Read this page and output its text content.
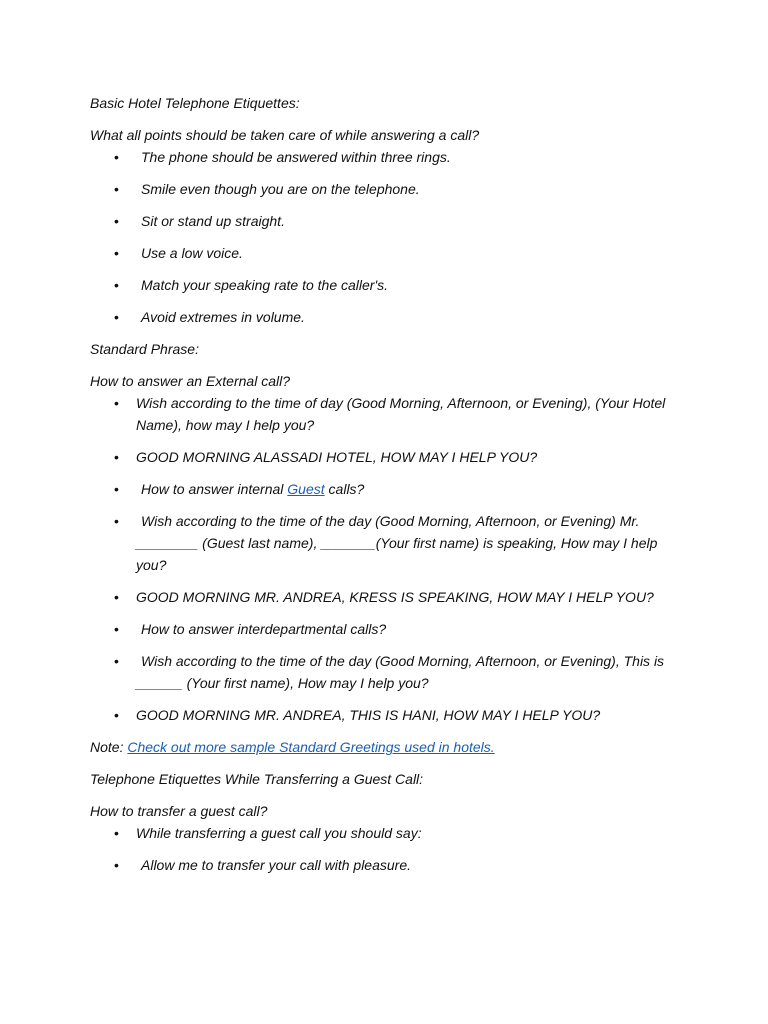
Basic Hotel Telephone Etiquettes:

What all points should be taken care of while answering a call?

• The phone should be answered within three rings.
• Smile even though you are on the telephone.
• Sit or stand up straight.
• Use a low voice.
• Match your speaking rate to the caller's.
• Avoid extremes in volume.

Standard Phrase:

How to answer an External call?

• Wish according to the time of day (Good Morning, Afternoon, or Evening), (Your Hotel Name), how may I help you?
• GOOD MORNING ALASSADI HOTEL, HOW MAY I HELP YOU?
• How to answer internal Guest calls?
• Wish according to the time of the day (Good Morning, Afternoon, or Evening) Mr. ________ (Guest last name), _______(Your first name) is speaking, How may I help you?
• GOOD MORNING MR. ANDREA, KRESS IS SPEAKING, HOW MAY I HELP YOU?
• How to answer interdepartmental calls?
• Wish according to the time of the day (Good Morning, Afternoon, or Evening), This is ______ (Your first name), How may I help you?
• GOOD MORNING MR. ANDREA, THIS IS HANI, HOW MAY I HELP YOU?

Note: Check out more sample Standard Greetings used in hotels.

Telephone Etiquettes While Transferring a Guest Call:

How to transfer a guest call?

• While transferring a guest call you should say:
• Allow me to transfer your call with pleasure.
